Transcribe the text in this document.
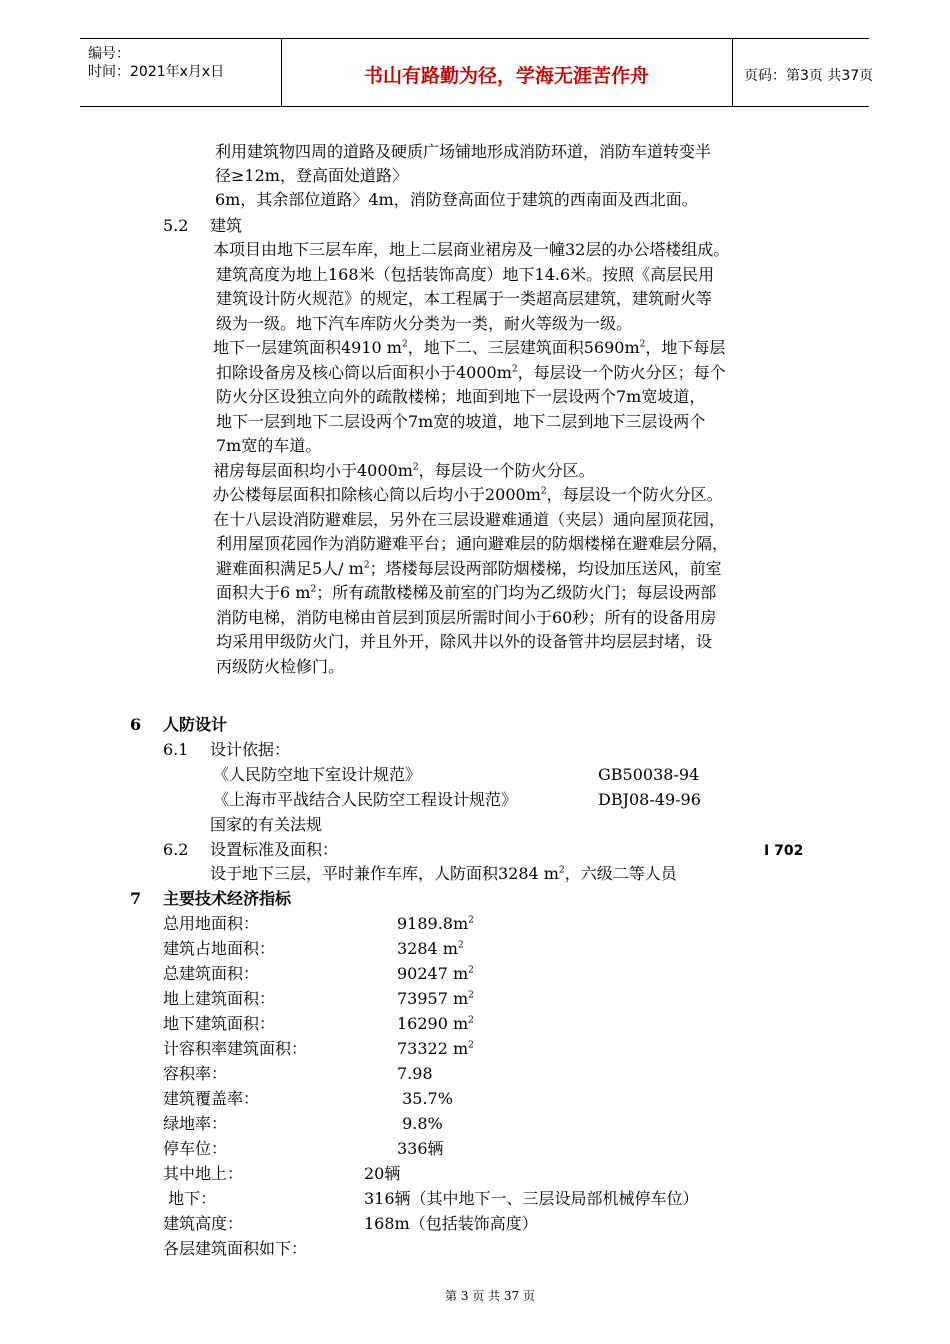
编号：
时间：2021年x月x日	书山有路勤为径，学海无涯苦作舟	页码：第3页 共37页
利用建筑物四周的道路及硬质广场铺地形成消防环道，消防车道转变半
径≥12m，登高面处道路〉
6m，其余部位道路〉4m，消防登高面位于建筑的西南面及西北面。
5.2 建筑
本项目由地下三层车库，地上二层商业裙房及一幢32层的办公塔楼组成。
建筑高度为地上168米（包括装饰高度）地下14.6米。按照《高层民用
建筑设计防火规范》的规定，本工程属于一类超高层建筑，建筑耐火等
级为一级。地下汽车库防火分类为一类，耐火等级为一级。
地下一层建筑面积4910 $m^2$，地下二、三层建筑面积$5690m^2$，地下每层
扣除设备房及核心筒以后面积小于$4000m^2$，每层设一个防火分区；每个
防火分区设独立向外的疏散楼梯；地面到地下一层设两个7m宽坡道，
地下一层到地下二层设两个7m宽的坡道，地下二层到地下三层设两个
7m宽的车道。
裙房每层面积均小于$4000m^2$，每层设一个防火分区。
办公楼每层面积扣除核心筒以后均小于$2000m^2$，每层设一个防火分区。
在十八层设消防避难层，另外在三层设避难通道（夹层）通向屋顶花园，
利用屋顶花园作为消防避难平台；通向避难层的防烟楼梯在避难层分隔，
避难面积满足5人/ $m^2$；塔楼每层设两部防烟楼梯，均设加压送风，前室
面积大于6 $m^2$；所有疏散楼梯及前室的门均为乙级防火门；每层设两部
消防电梯，消防电梯由首层到顶层所需时间小于60秒；所有的设备用房
均采用甲级防火门，并且外开，除风井以外的设备管井均层层封堵，设
丙级防火检修门。
6 人防设计
6.1 设计依据：
《人民防空地下室设计规范》	GB50038-94
《上海市平战结合人民防空工程设计规范》	DBJ08-49-96
国家的有关法规
6.2 设置标准及面积：	I 702
设于地下三层，平时兼作车库，人防面积3284 $m^2$，六级二等人员
7 主要技术经济指标
总用地面积：	$9189.8m^2$
建筑占地面积：	3284 $m^2$
总建筑面积：	90247 $m^2$
地上建筑面积：	73957 $m^2$
地下建筑面积：	16290 $m^2$
计容积率建筑面积：	73322 $m^2$
容积率：	7.98
建筑覆盖率：	35.7%
绿地率：	9.8%
停车位：	336辆
其中地上：	20辆
地下：	316辆（其中地下一、三层设局部机械停车位）
建筑高度：	168m（包括装饰高度）
各层建筑面积如下：
第 3 页 共 37 页
